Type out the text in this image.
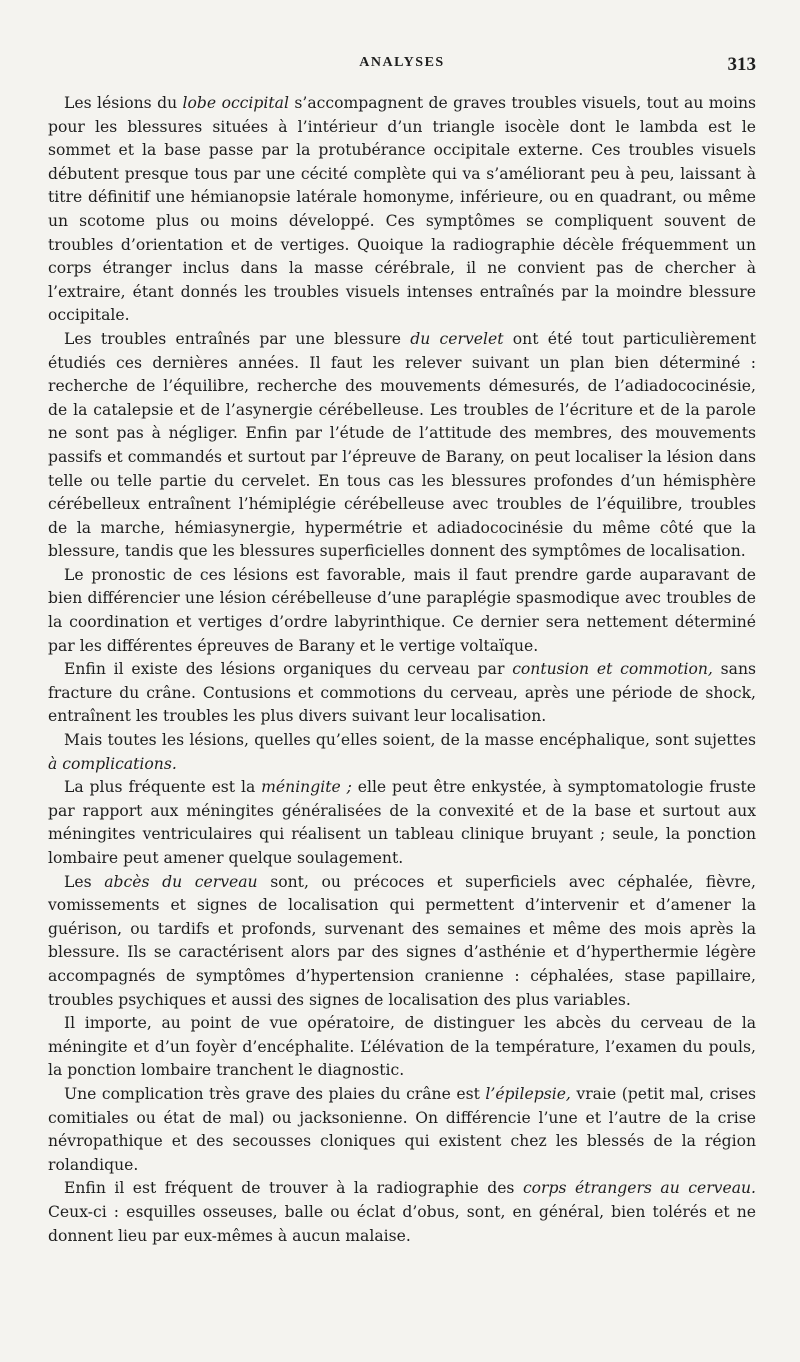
ANALYSES	313

Les lésions du lobe occipital s’accompagnent de graves troubles visuels, tout au moins pour les blessures situées à l’intérieur d’un triangle isocèle dont le lambda est le sommet et la base passe par la protubérance occipitale externe. Ces troubles visuels débutent presque tous par une cécité complète qui va s’améliorant peu à peu, laissant à titre définitif une hémianopsie latérale homonyme, inférieure, ou en quadrant, ou même un scotome plus ou moins développé. Ces symptômes se compliquent souvent de troubles d’orientation et de vertiges. Quoique la radiographie décèle fréquemment un corps étranger inclus dans la masse cérébrale, il ne convient pas de chercher à l’extraire, étant donnés les troubles visuels intenses entraînés par la moindre blessure occipitale.

Les troubles entraînés par une blessure du cervelet ont été tout particulièrement étudiés ces dernières années. Il faut les relever suivant un plan bien déterminé : recherche de l’équilibre, recherche des mouvements démesurés, de l’adiadococinésie, de la catalepsie et de l’asynergie cérébelleuse. Les troubles de l’écriture et de la parole ne sont pas à négliger. Enfin par l’étude de l’attitude des membres, des mouvements passifs et commandés et surtout par l’épreuve de Barany, on peut localiser la lésion dans telle ou telle partie du cervelet. En tous cas les blessures profondes d’un hémisphère cérébelleux entraînent l’hémiplégie cérébelleuse avec troubles de l’équilibre, troubles de la marche, hémiasynergie, hypermétrie et adiadococinésie du même côté que la blessure, tandis que les blessures superficielles donnent des symptômes de localisation.

Le pronostic de ces lésions est favorable, mais il faut prendre garde auparavant de bien différencier une lésion cérébelleuse d’une paraplégie spasmodique avec troubles de la coordination et vertiges d’ordre labyrinthique. Ce dernier sera nettement déterminé par les différentes épreuves de Barany et le vertige voltaïque.

Enfin il existe des lésions organiques du cerveau par contusion et commotion, sans fracture du crâne. Contusions et commotions du cerveau, après une période de shock, entraînent les troubles les plus divers suivant leur localisation.

Mais toutes les lésions, quelles qu’elles soient, de la masse encéphalique, sont sujettes à complications.

La plus fréquente est la méningite ; elle peut être enkystée, à symptomatologie fruste par rapport aux méningites généralisées de la convexité et de la base et surtout aux méningites ventriculaires qui réalisent un tableau clinique bruyant ; seule, la ponction lombaire peut amener quelque soulagement.

Les abcès du cerveau sont, ou précoces et superficiels avec céphalée, fièvre, vomissements et signes de localisation qui permettent d’intervenir et d’amener la guérison, ou tardifs et profonds, survenant des semaines et même des mois après la blessure. Ils se caractérisent alors par des signes d’asthénie et d’hyperthermie légère accompagnés de symptômes d’hypertension cranienne : céphalées, stase papillaire, troubles psychiques et aussi des signes de localisation des plus variables.

Il importe, au point de vue opératoire, de distinguer les abcès du cerveau de la méningite et d’un foyèr d’encéphalite. L’élévation de la température, l’examen du pouls, la ponction lombaire tranchent le diagnostic.

Une complication très grave des plaies du crâne est l’épilepsie, vraie (petit mal, crises comitiales ou état de mal) ou jacksonienne. On différencie l’une et l’autre de la crise névropathique et des secousses cloniques qui existent chez les blessés de la région rolandique.

Enfin il est fréquent de trouver à la radiographie des corps étrangers au cerveau. Ceux-ci : esquilles osseuses, balle ou éclat d’obus, sont, en général, bien tolérés et ne donnent lieu par eux-mêmes à aucun malaise.
